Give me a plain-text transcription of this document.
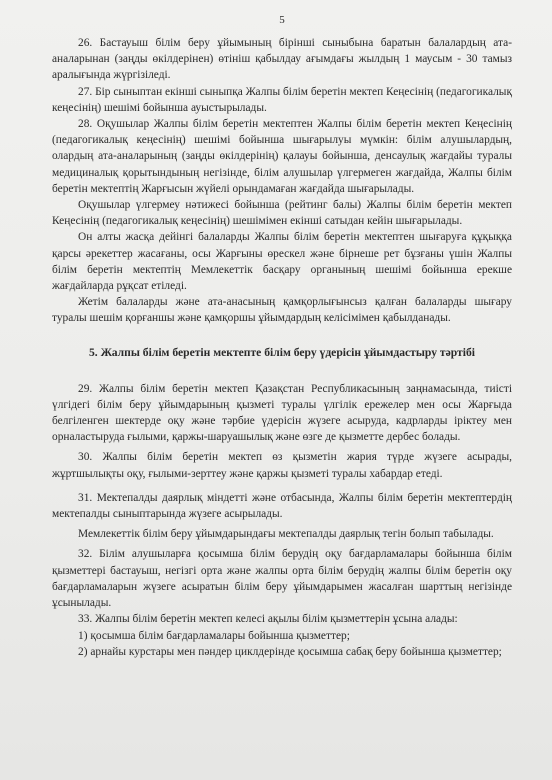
5

26. Бастауыш білім беру ұйымының бірінші сыныбына баратын балалардың ата-аналарынан (заңды өкілдерінен) өтініш қабылдау ағымдағы жылдың 1 маусым - 30 тамыз аралығында жүргізіледі.

27. Бір сыныптан екінші сыныпқа Жалпы білім беретін мектеп Кеңесінің (педагогикалық кеңесінің) шешімі бойынша ауыстырылады.

28. Оқушылар Жалпы білім беретін мектептен Жалпы білім беретін мектеп Кеңесінің (педагогикалық кеңесінің) шешімі бойынша шығарылуы мүмкін: білім алушылардың, олардың ата-аналарының (заңды өкілдерінің) қалауы бойынша, денсаулық жағдайы туралы медициналық қорытындының негізінде, білім алушылар үлгермеген жағдайда, Жалпы білім беретін мектептің Жарғысын жүйелі орындамаған жағдайда шығарылады.

Оқушылар үлгермеу нәтижесі бойынша (рейтинг балы) Жалпы білім беретін мектеп Кеңесінің (педагогикалық кеңесінің) шешімімен екінші сатыдан кейін шығарылады.

Он алты жасқа дейінгі балаларды Жалпы білім беретін мектептен шығаруға құқыққа қарсы әрекеттер жасағаны, осы Жарғыны өрескел және бірнеше рет бұзғаны үшін Жалпы білім беретін мектептің Мемлекеттік басқару органының шешімі бойынша ерекше жағдайларда рұқсат етіледі.

Жетім балаларды және ата-анасының қамқорлығынсыз қалған балаларды шығару туралы шешім қорғаншы және қамқоршы ұйымдардың келісімімен қабылданады.

5. Жалпы білім беретін мектепте білім беру үдерісін ұйымдастыру тәртібі

29. Жалпы білім беретін мектеп Қазақстан Республикасының заңнамасында, тиісті үлгідегі білім беру ұйымдарының қызметі туралы үлгілік ережелер мен осы Жарғыда белгіленген шектерде оқу және тәрбие үдерісін жүзеге асыруда, кадрларды іріктеу мен орналастыруда ғылыми, қаржы-шаруашылық және өзге де қызметте дербес болады.

30. Жалпы білім беретін мектеп өз қызметін жария түрде жүзеге асырады, жұртшылықты оқу, ғылыми-зерттеу және қаржы қызметі туралы хабардар етеді.

31. Мектепалды даярлық міндетті және отбасында, Жалпы білім беретін мектептердің мектепалды сыныптарында жүзеге асырылады.

Мемлекеттік білім беру ұйымдарындағы мектепалды даярлық тегін болып табылады.

32. Білім алушыларға қосымша білім берудің оқу бағдарламалары бойынша білім қызметтері бастауыш, негізгі орта және жалпы орта білім берудің жалпы білім беретін оқу бағдарламаларын жүзеге асыратын білім беру ұйымдарымен жасалған шарттың негізінде ұсынылады.

33. Жалпы білім беретін мектеп келесі ақылы білім қызметтерін ұсына алады:

1) қосымша білім бағдарламалары бойынша қызметтер;

2) арнайы курстары мен пәндер циклдерінде қосымша сабақ беру бойынша қызметтер;
